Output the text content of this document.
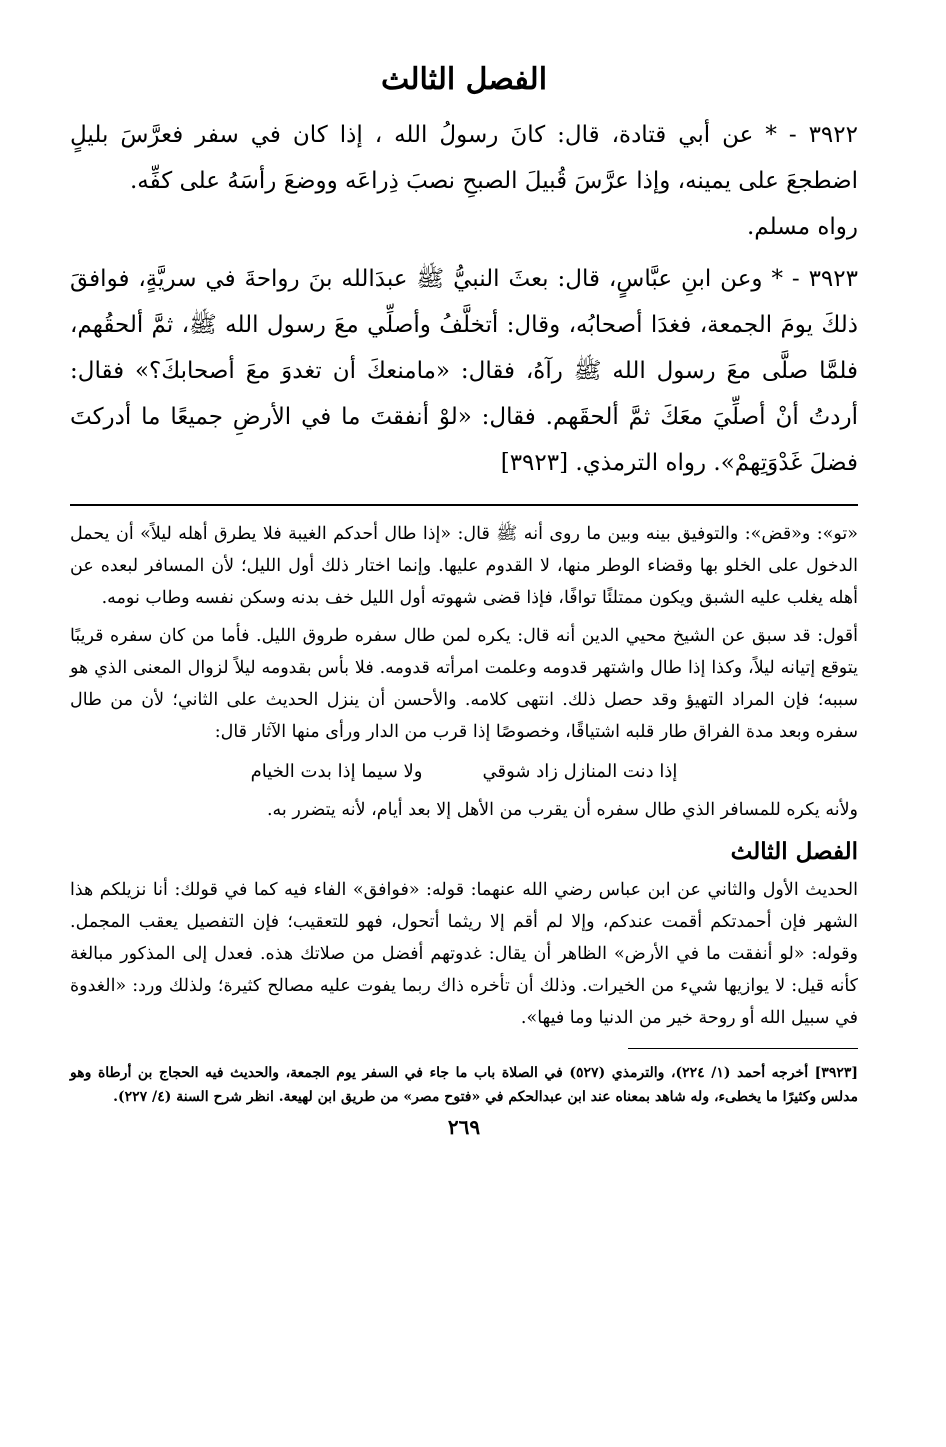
الفصل الثالث

٣٩٢٢ - * عن أبي قتادة، قال: كانَ رسولُ الله ، إذا كان في سفر فعرَّسَ بليلٍ اضطجعَ على يمينه، وإذا عرَّسَ قُبيلَ الصبحِ نصبَ ذِراعَه ووضعَ رأسَهُ على كفِّه.

رواه مسلم.

٣٩٢٣ - * وعن ابنِ عبَّاسٍ، قال: بعثَ النبيُّ ﷺ عبدَالله بنَ رواحةَ في سريَّةٍ، فوافقَ ذلكَ يومَ الجمعة، فغدَا أصحابُه، وقال: أتخلَّفُ وأصلِّي معَ رسول الله ﷺ، ثمَّ ألحقُهم، فلمَّا صلَّى معَ رسول الله ﷺ رآهُ، فقال: «مامنعكَ أن تغدوَ معَ أصحابكَ؟» فقال: أردتُ أنْ أصلِّيَ معَكَ ثمَّ ألحقَهم. فقال: «لوْ أنفقتَ ما في الأرضِ جميعًا ما أدركتَ فضلَ غَدْوَتِهمْ». رواه الترمذي. [٣٩٢٣]

«تو»: و«قض»: والتوفيق بينه وبين ما روى أنه ﷺ قال: «إذا طال أحدكم الغيبة فلا يطرق أهله ليلاً» أن يحمل الدخول على الخلو بها وقضاء الوطر منها، لا القدوم عليها. وإنما اختار ذلك أول الليل؛ لأن المسافر لبعده عن أهله يغلب عليه الشبق ويكون ممتلئًا توافًا، فإذا قضى شهوته أول الليل خف بدنه وسكن نفسه وطاب نومه.

أقول: قد سبق عن الشيخ محيي الدين أنه قال: يكره لمن طال سفره طروق الليل. فأما من كان سفره قريبًا يتوقع إتيانه ليلاً، وكذا إذا طال واشتهر قدومه وعلمت امرأته قدومه. فلا بأس بقدومه ليلاً لزوال المعنى الذي هو سببه؛ فإن المراد التهيؤ وقد حصل ذلك. انتهى كلامه. والأحسن أن ينزل الحديث على الثاني؛ لأن من طال سفره وبعد مدة الفراق طار قلبه اشتياقًا، وخصوصًا إذا قرب من الدار ورأى منها الآثار قال:

إذا دنت المنازل زاد شوقي
ولا سيما إذا بدت الخيام

ولأنه يكره للمسافر الذي طال سفره أن يقرب من الأهل إلا بعد أيام، لأنه يتضرر به.

الفصل الثالث

الحديث الأول والثاني عن ابن عباس رضي الله عنهما: قوله: «فوافق» الفاء فيه كما في قولك: أنا نزيلكم هذا الشهر فإن أحمدتكم أقمت عندكم، وإلا لم أقم إلا ريثما أتحول، فهو للتعقيب؛ فإن التفصيل يعقب المجمل. وقوله: «لو أنفقت ما في الأرض» الظاهر أن يقال: غدوتهم أفضل من صلاتك هذه. فعدل إلى المذكور مبالغة كأنه قيل: لا يوازيها شيء من الخيرات. وذلك أن تأخره ذاك ربما يفوت عليه مصالح كثيرة؛ ولذلك ورد: «الغدوة في سبيل الله أو روحة خير من الدنيا وما فيها».

[٣٩٢٣] أخرجه أحمد (١/ ٢٢٤)، والترمذي (٥٢٧) في الصلاة باب ما جاء في السفر يوم الجمعة، والحديث فيه الحجاج بن أرطاة وهو مدلس وكثيرًا ما يخطىء، وله شاهد بمعناه عند ابن عبدالحكم في «فتوح مصر» من طريق ابن لهيعة. انظر شرح السنة (٤/ ٢٢٧).
٢٦٩
